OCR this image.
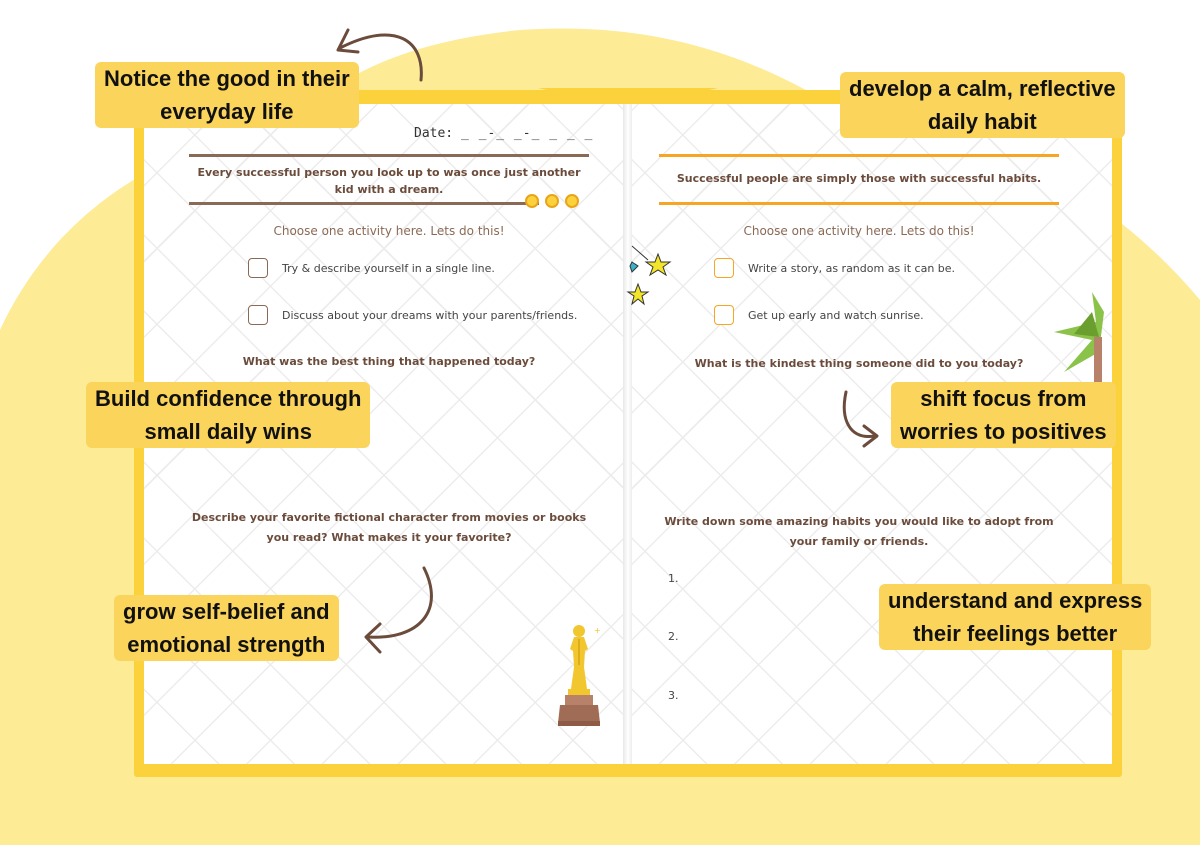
Date: _ _-_ _-_ _ _ _
Every successful person you look up to was once just another kid with a dream.
Choose one activity here. Lets do this!
Try & describe yourself in a single line.
Discuss about your dreams with your parents/friends.
What was the best thing that happened today?
Describe your favorite fictional character from movies or books you read? What makes it your favorite?
+
Successful people are simply those with successful habits.
Choose one activity here. Lets do this!
Write a story, as random as it can be.
Get up early and watch sunrise.
What is the kindest thing someone did to you today?
Write down some amazing habits you would like to adopt from your family or friends.
1.
2.
3.
Notice the good in their
everyday life
develop a calm, reflective
daily habit
Build confidence through
small daily wins
shift focus from
worries to positives
grow self-belief and
emotional strength
understand and express
their feelings better
